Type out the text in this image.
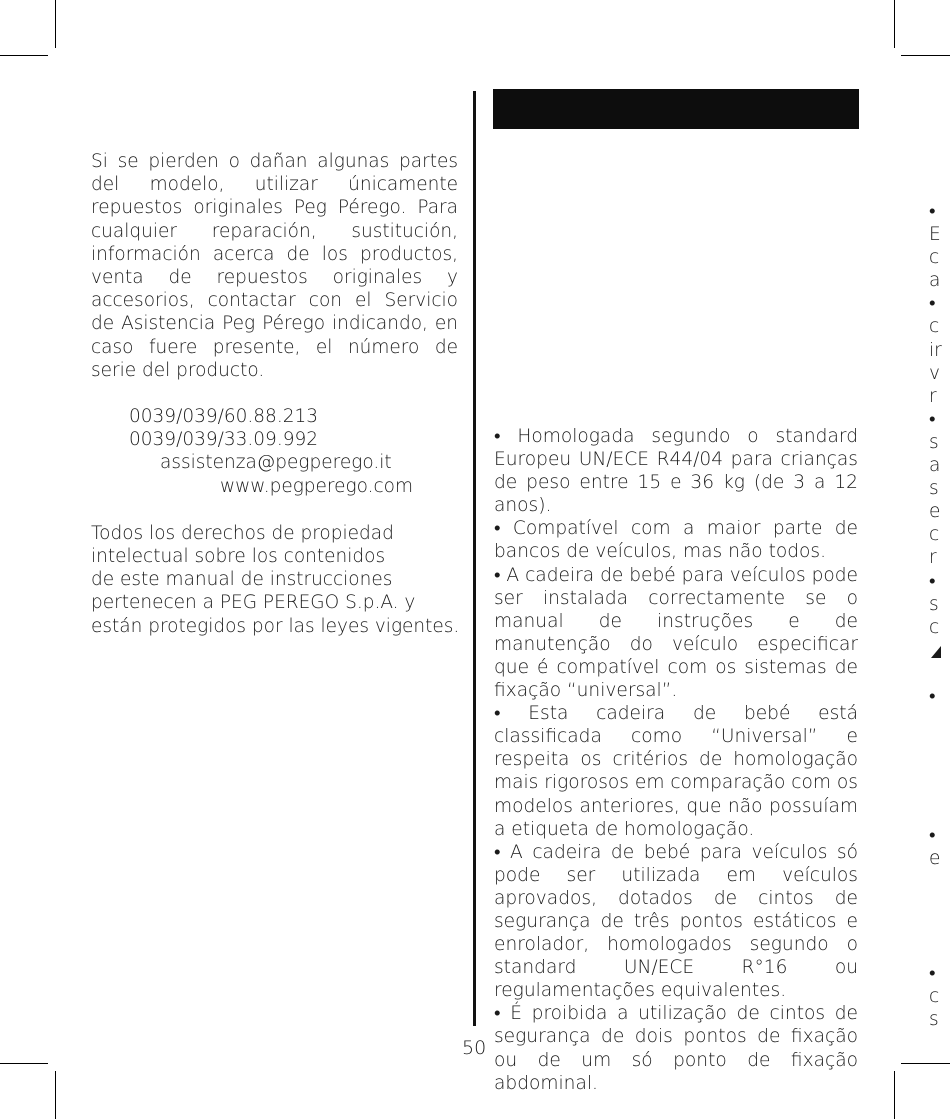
Si se pierden o dañan algunas partes del modelo, utilizar únicamente repuestos originales Peg Pérego. Para cualquier reparación, sustitución, información acerca de los productos, venta de repuestos originales y accesorios, contactar con el Servicio de Asistencia Peg Pérego indicando, en caso fuere presente, el número de serie del producto.

0039/039/60.88.213
0039/039/33.09.992
assistenza@pegperego.it
www.pegperego.com
Todos los derechos de propiedad
intelectual sobre los contenidos
de este manual de instrucciones
pertenecen a PEG PEREGO S.p.A. y
están protegidos por las leyes vigentes.

• Homologada segundo o standard Europeu UN/ECE R44/04 para crianças de peso entre 15 e 36 kg (de 3 a 12 anos).

• Compatível com a maior parte de bancos de veículos, mas não todos.

• A cadeira de bebé para veículos pode ser instalada correctamente se o manual de instruções e de manutenção do veículo especificar que é compatível com os sistemas de fixação “universal”.

• Esta cadeira de bebé está classificada como “Universal” e respeita os critérios de homologação mais rigorosos em comparação com os modelos anteriores, que não possuíam a etiqueta de homologação.

• A cadeira de bebé para veículos só pode ser utilizada em veículos aprovados, dotados de cintos de segurança de três pontos estáticos e enrolador, homologados segundo o standard UN/ECE R°16 ou regulamentações equivalentes.

• É proibida a utilização de cintos de segurança de dois pontos de fixação ou de um só ponto de fixação abdominal.

•
E
c
a
•
c
ir
v
r
•
s
a
s
e
c
r
•
s
c
•
•
e
•
c
s
50
